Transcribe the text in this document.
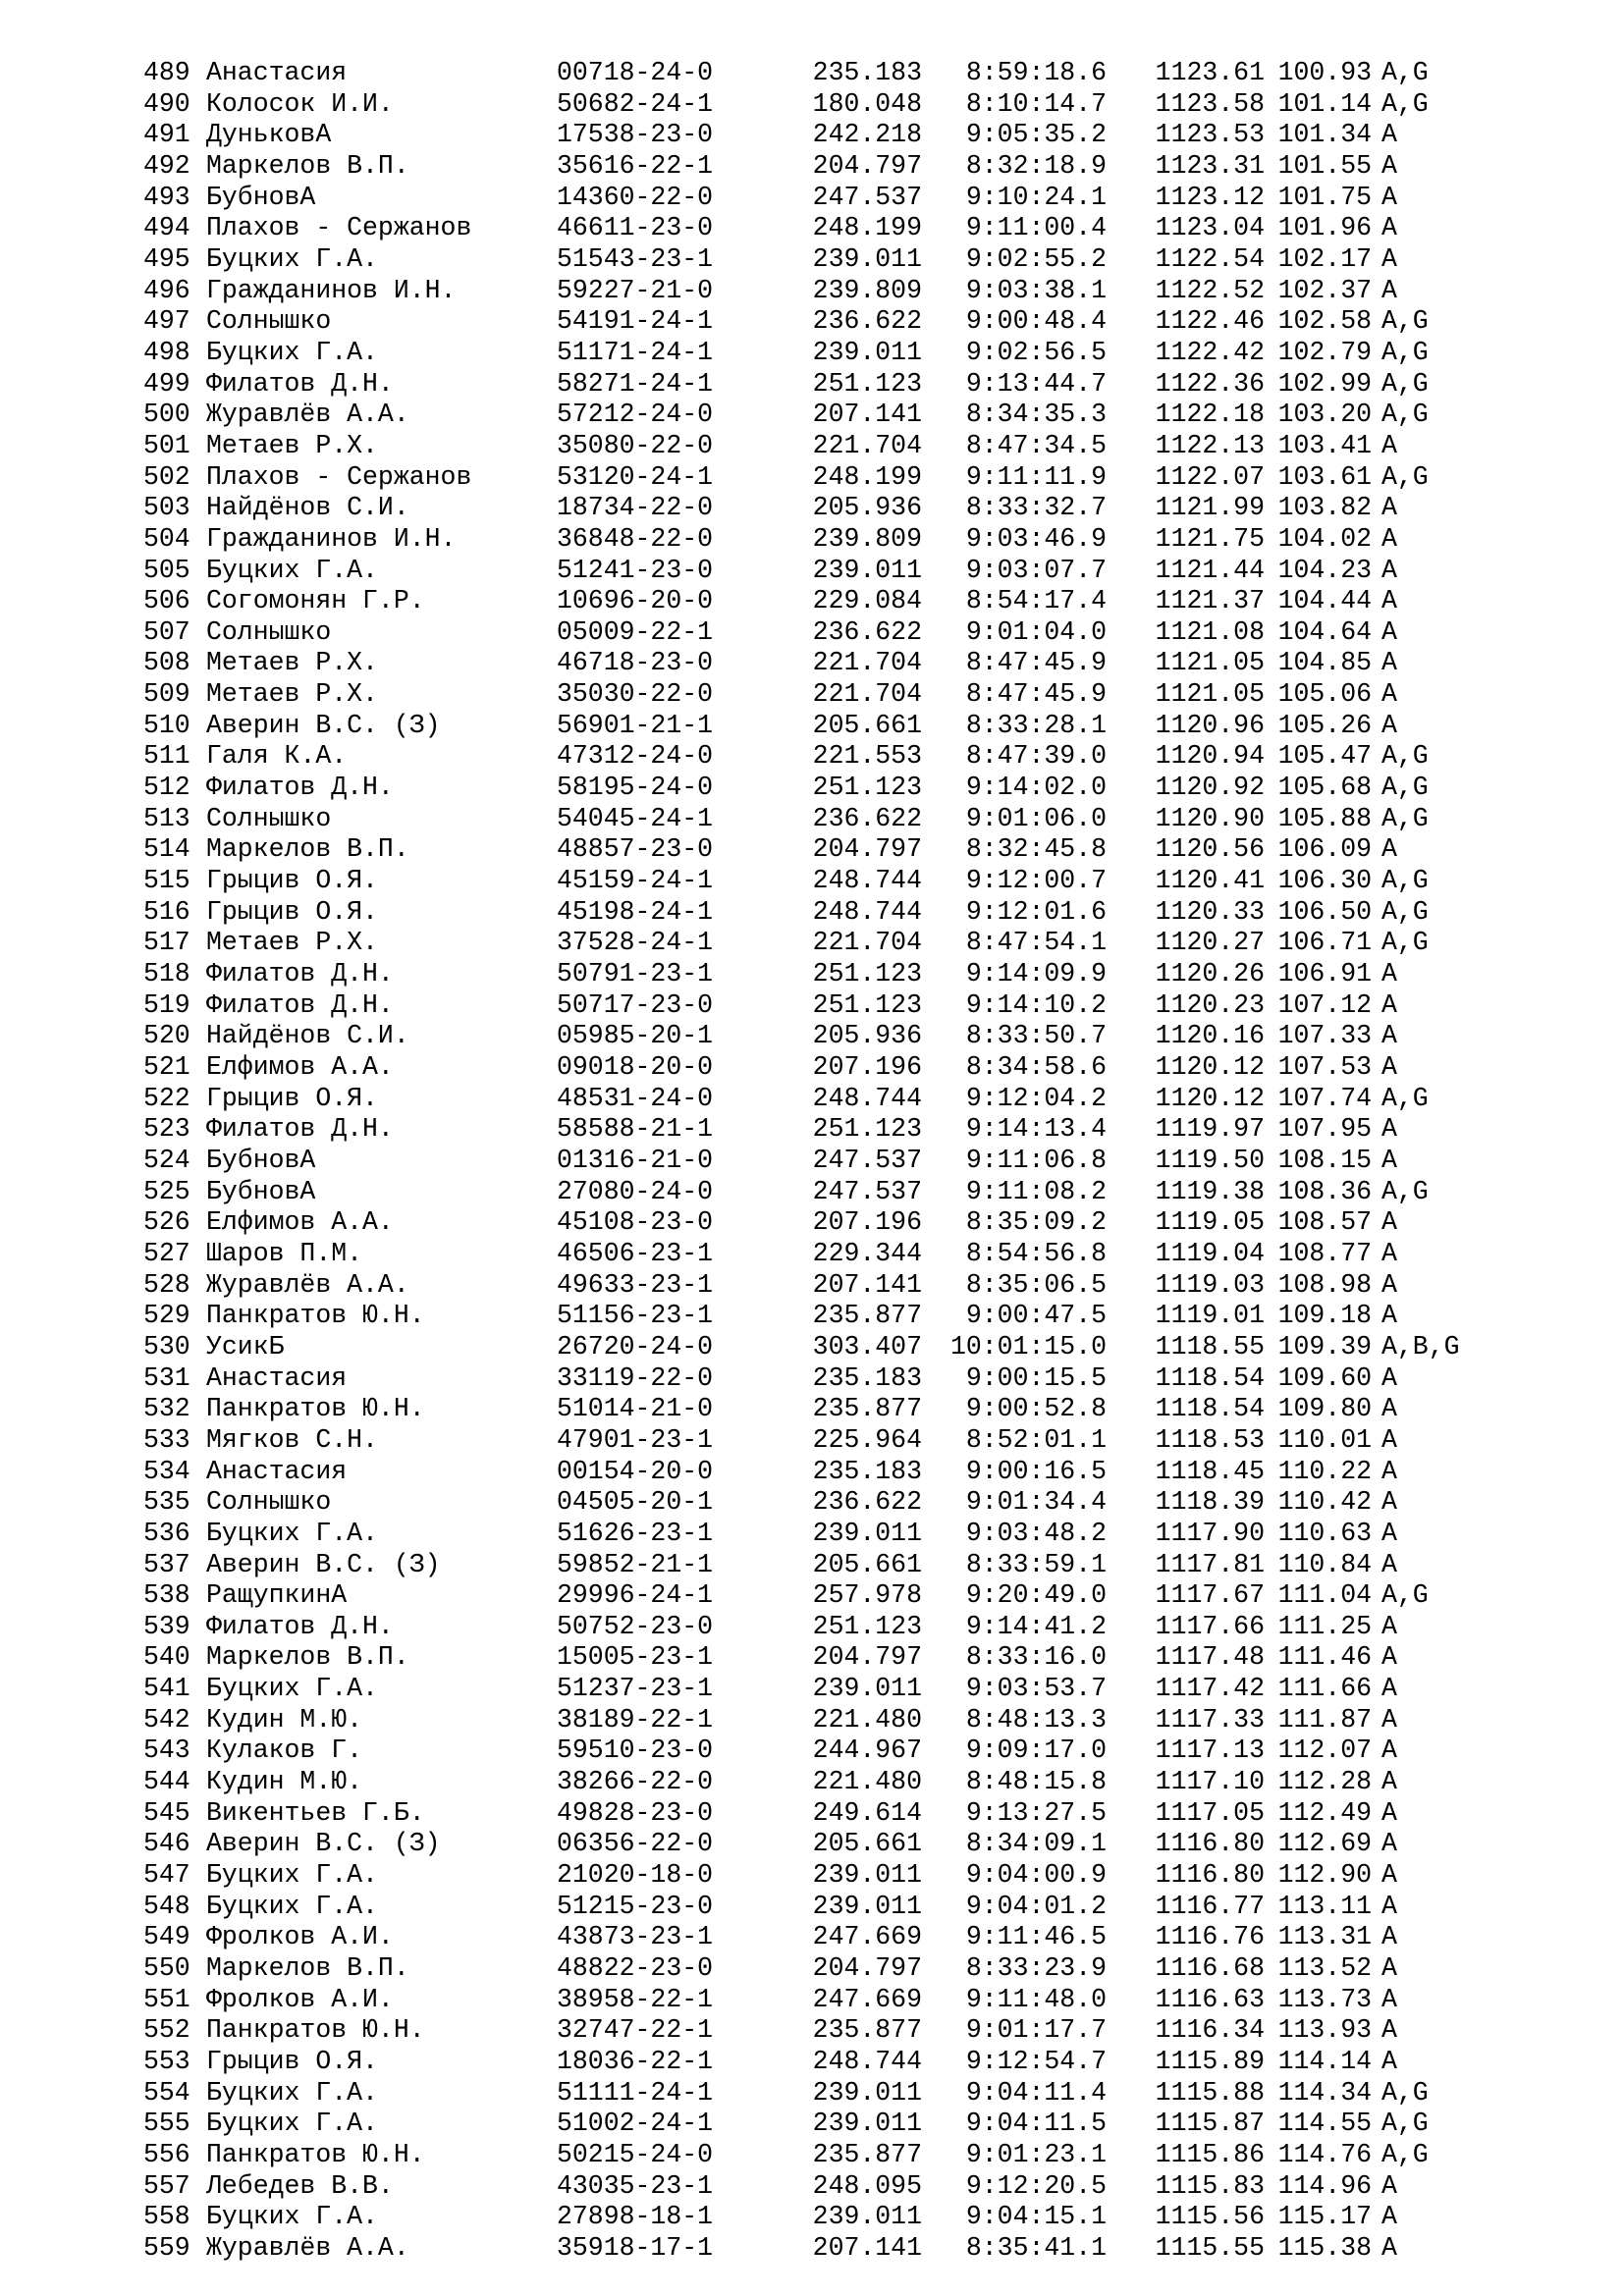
489	Анастасия	00718-24-0	235.183	8:59:18.6	1123.61	100.93	A,G
490	Колосок И.И.	50682-24-1	180.048	8:10:14.7	1123.58	101.14	A,G
491	ДуньковА	17538-23-0	242.218	9:05:35.2	1123.53	101.34	A
492	Маркелов В.П.	35616-22-1	204.797	8:32:18.9	1123.31	101.55	A
493	БубновА	14360-22-0	247.537	9:10:24.1	1123.12	101.75	A
494	Плахов - Сержанов	46611-23-0	248.199	9:11:00.4	1123.04	101.96	A
495	Буцких Г.А.	51543-23-1	239.011	9:02:55.2	1122.54	102.17	A
496	Гражданинов И.Н.	59227-21-0	239.809	9:03:38.1	1122.52	102.37	A
497	Солнышко	54191-24-1	236.622	9:00:48.4	1122.46	102.58	A,G
498	Буцких Г.А.	51171-24-1	239.011	9:02:56.5	1122.42	102.79	A,G
499	Филатов Д.Н.	58271-24-1	251.123	9:13:44.7	1122.36	102.99	A,G
500	Журавлёв А.А.	57212-24-0	207.141	8:34:35.3	1122.18	103.20	A,G
501	Метаев Р.Х.	35080-22-0	221.704	8:47:34.5	1122.13	103.41	A
502	Плахов - Сержанов	53120-24-1	248.199	9:11:11.9	1122.07	103.61	A,G
503	Найдёнов С.И.	18734-22-0	205.936	8:33:32.7	1121.99	103.82	A
504	Гражданинов И.Н.	36848-22-0	239.809	9:03:46.9	1121.75	104.02	A
505	Буцких Г.А.	51241-23-0	239.011	9:03:07.7	1121.44	104.23	A
506	Согомонян Г.Р.	10696-20-0	229.084	8:54:17.4	1121.37	104.44	A
507	Солнышко	05009-22-1	236.622	9:01:04.0	1121.08	104.64	A
508	Метаев Р.Х.	46718-23-0	221.704	8:47:45.9	1121.05	104.85	A
509	Метаев Р.Х.	35030-22-0	221.704	8:47:45.9	1121.05	105.06	A
510	Аверин В.С. (З)	56901-21-1	205.661	8:33:28.1	1120.96	105.26	A
511	Галя К.А.	47312-24-0	221.553	8:47:39.0	1120.94	105.47	A,G
512	Филатов Д.Н.	58195-24-0	251.123	9:14:02.0	1120.92	105.68	A,G
513	Солнышко	54045-24-1	236.622	9:01:06.0	1120.90	105.88	A,G
514	Маркелов В.П.	48857-23-0	204.797	8:32:45.8	1120.56	106.09	A
515	Грыцив О.Я.	45159-24-1	248.744	9:12:00.7	1120.41	106.30	A,G
516	Грыцив О.Я.	45198-24-1	248.744	9:12:01.6	1120.33	106.50	A,G
517	Метаев Р.Х.	37528-24-1	221.704	8:47:54.1	1120.27	106.71	A,G
518	Филатов Д.Н.	50791-23-1	251.123	9:14:09.9	1120.26	106.91	A
519	Филатов Д.Н.	50717-23-0	251.123	9:14:10.2	1120.23	107.12	A
520	Найдёнов С.И.	05985-20-1	205.936	8:33:50.7	1120.16	107.33	A
521	Елфимов А.А.	09018-20-0	207.196	8:34:58.6	1120.12	107.53	A
522	Грыцив О.Я.	48531-24-0	248.744	9:12:04.2	1120.12	107.74	A,G
523	Филатов Д.Н.	58588-21-1	251.123	9:14:13.4	1119.97	107.95	A
524	БубновА	01316-21-0	247.537	9:11:06.8	1119.50	108.15	A
525	БубновА	27080-24-0	247.537	9:11:08.2	1119.38	108.36	A,G
526	Елфимов А.А.	45108-23-0	207.196	8:35:09.2	1119.05	108.57	A
527	Шаров П.М.	46506-23-1	229.344	8:54:56.8	1119.04	108.77	A
528	Журавлёв А.А.	49633-23-1	207.141	8:35:06.5	1119.03	108.98	A
529	Панкратов Ю.Н.	51156-23-1	235.877	9:00:47.5	1119.01	109.18	A
530	УсикБ	26720-24-0	303.407	10:01:15.0	1118.55	109.39	A,B,G
531	Анастасия	33119-22-0	235.183	9:00:15.5	1118.54	109.60	A
532	Панкратов Ю.Н.	51014-21-0	235.877	9:00:52.8	1118.54	109.80	A
533	Мягков С.Н.	47901-23-1	225.964	8:52:01.1	1118.53	110.01	A
534	Анастасия	00154-20-0	235.183	9:00:16.5	1118.45	110.22	A
535	Солнышко	04505-20-1	236.622	9:01:34.4	1118.39	110.42	A
536	Буцких Г.А.	51626-23-1	239.011	9:03:48.2	1117.90	110.63	A
537	Аверин В.С. (З)	59852-21-1	205.661	8:33:59.1	1117.81	110.84	A
538	РащупкинА	29996-24-1	257.978	9:20:49.0	1117.67	111.04	A,G
539	Филатов Д.Н.	50752-23-0	251.123	9:14:41.2	1117.66	111.25	A
540	Маркелов В.П.	15005-23-1	204.797	8:33:16.0	1117.48	111.46	A
541	Буцких Г.А.	51237-23-1	239.011	9:03:53.7	1117.42	111.66	A
542	Кудин М.Ю.	38189-22-1	221.480	8:48:13.3	1117.33	111.87	A
543	Кулаков Г.	59510-23-0	244.967	9:09:17.0	1117.13	112.07	A
544	Кудин М.Ю.	38266-22-0	221.480	8:48:15.8	1117.10	112.28	A
545	Викентьев Г.Б.	49828-23-0	249.614	9:13:27.5	1117.05	112.49	A
546	Аверин В.С. (З)	06356-22-0	205.661	8:34:09.1	1116.80	112.69	A
547	Буцких Г.А.	21020-18-0	239.011	9:04:00.9	1116.80	112.90	A
548	Буцких Г.А.	51215-23-0	239.011	9:04:01.2	1116.77	113.11	A
549	Фролков А.И.	43873-23-1	247.669	9:11:46.5	1116.76	113.31	A
550	Маркелов В.П.	48822-23-0	204.797	8:33:23.9	1116.68	113.52	A
551	Фролков А.И.	38958-22-1	247.669	9:11:48.0	1116.63	113.73	A
552	Панкратов Ю.Н.	32747-22-1	235.877	9:01:17.7	1116.34	113.93	A
553	Грыцив О.Я.	18036-22-1	248.744	9:12:54.7	1115.89	114.14	A
554	Буцких Г.А.	51111-24-1	239.011	9:04:11.4	1115.88	114.34	A,G
555	Буцких Г.А.	51002-24-1	239.011	9:04:11.5	1115.87	114.55	A,G
556	Панкратов Ю.Н.	50215-24-0	235.877	9:01:23.1	1115.86	114.76	A,G
557	Лебедев В.В.	43035-23-1	248.095	9:12:20.5	1115.83	114.96	A
558	Буцких Г.А.	27898-18-1	239.011	9:04:15.1	1115.56	115.17	A
559	Журавлёв А.А.	35918-17-1	207.141	8:35:41.1	1115.55	115.38	A
